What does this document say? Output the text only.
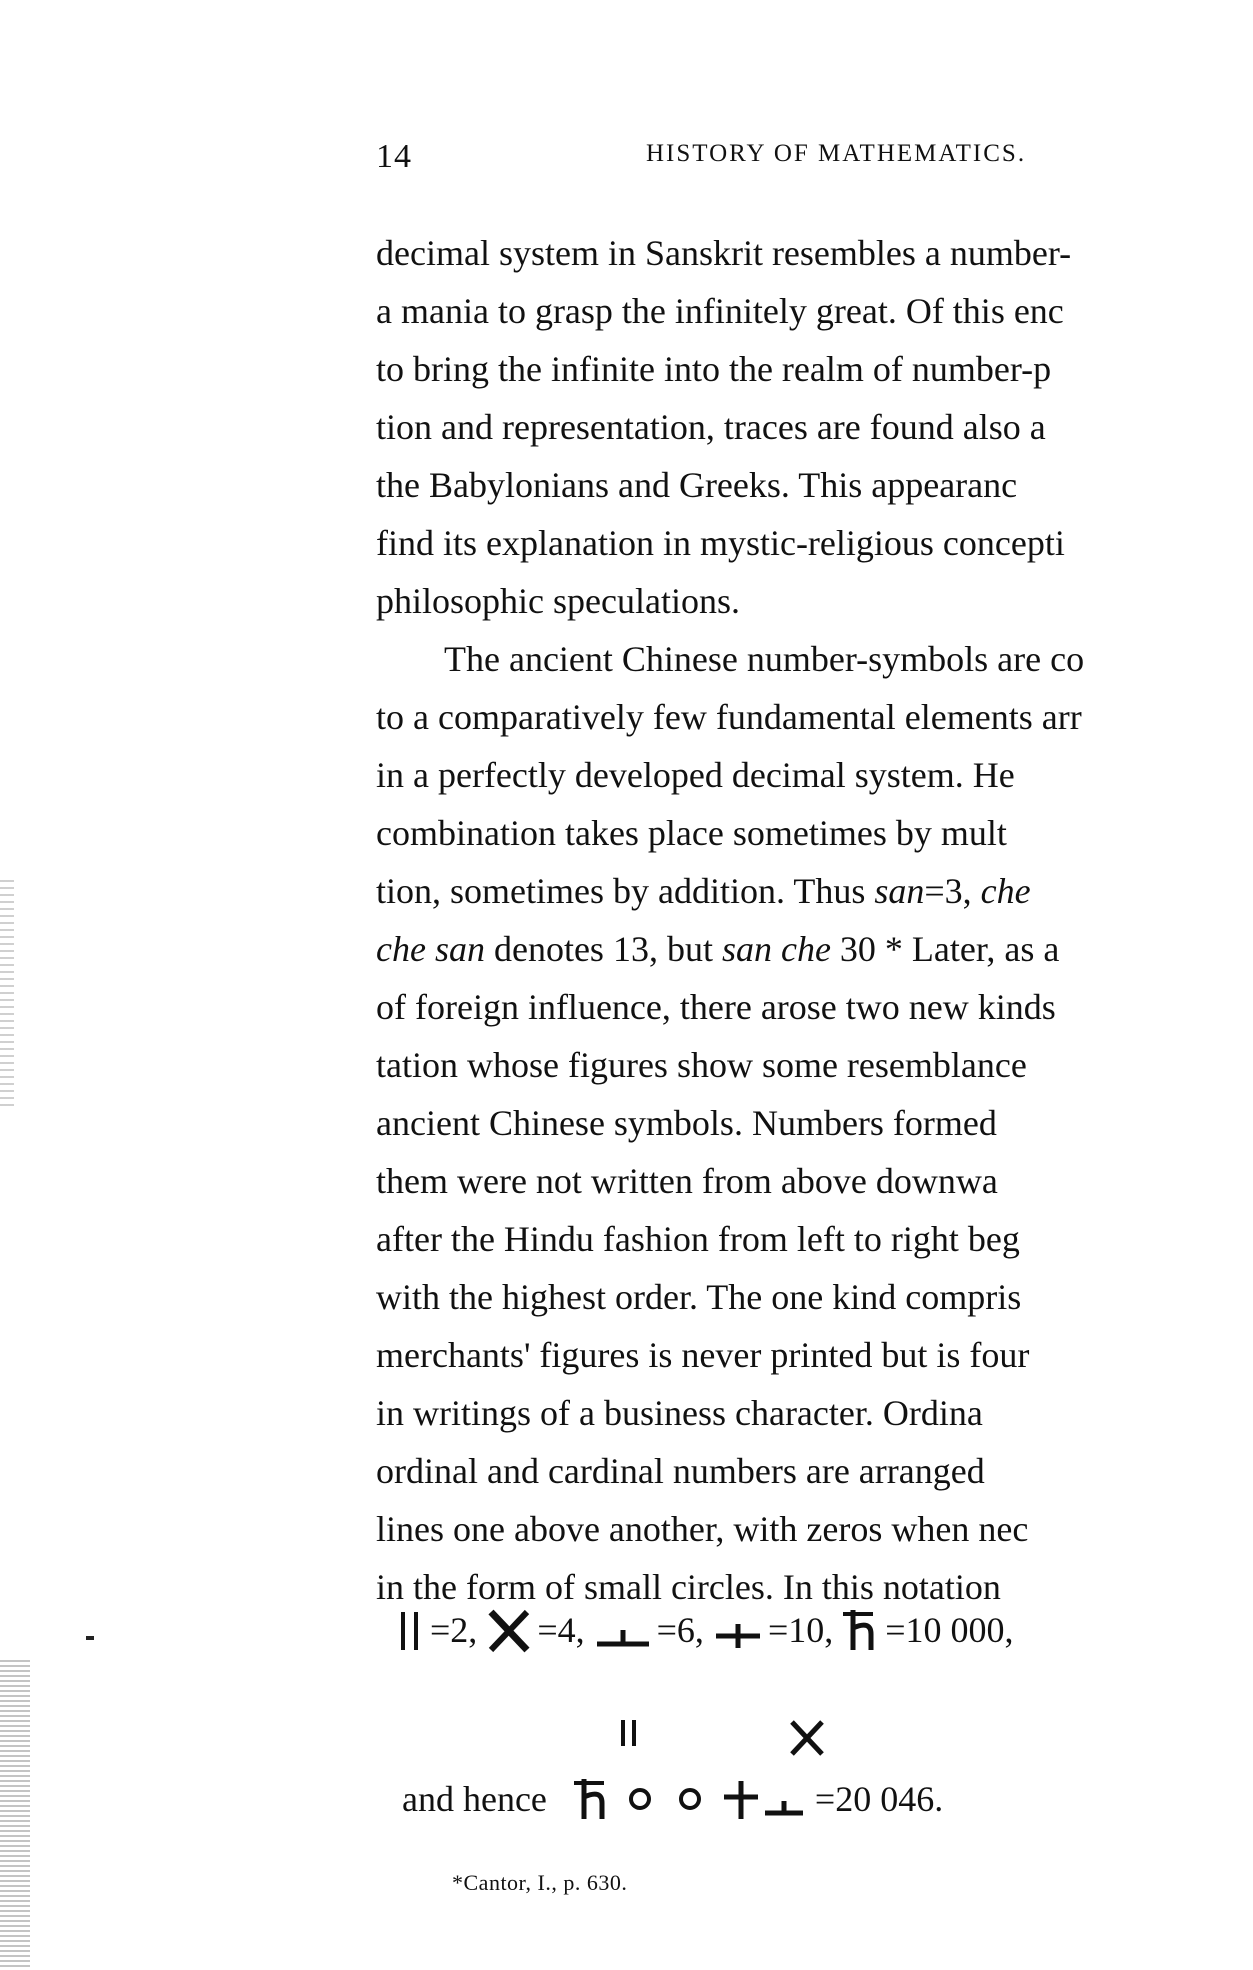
14	HISTORY OF MATHEMATICS.
decimal system in Sanskrit resembles a number-
a mania to grasp the infinitely great. Of this enc
to bring the infinite into the realm of number-p
tion and representation, traces are found also a
the Babylonians and Greeks. This appearanc
find its explanation in mystic-religious concepti
philosophic speculations.
The ancient Chinese number-symbols are co
to a comparatively few fundamental elements arr
in a perfectly developed decimal system. He
combination takes place sometimes by mult
tion, sometimes by addition. Thus san=3, che
che san denotes 13, but san che 30 * Later, as a
of foreign influence, there arose two new kinds
tation whose figures show some resemblance
ancient Chinese symbols. Numbers formed
them were not written from above downwa
after the Hindu fashion from left to right beg
with the highest order. The one kind compris
merchants' figures is never printed but is four
in writings of a business character. Ordina
ordinal and cardinal numbers are arranged
lines one above another, with zeros when nec
in the form of small circles. In this notation
=2, =4, =6, =10, =10 000,
and hence	=20 046.
*Cantor, I., p. 630.
